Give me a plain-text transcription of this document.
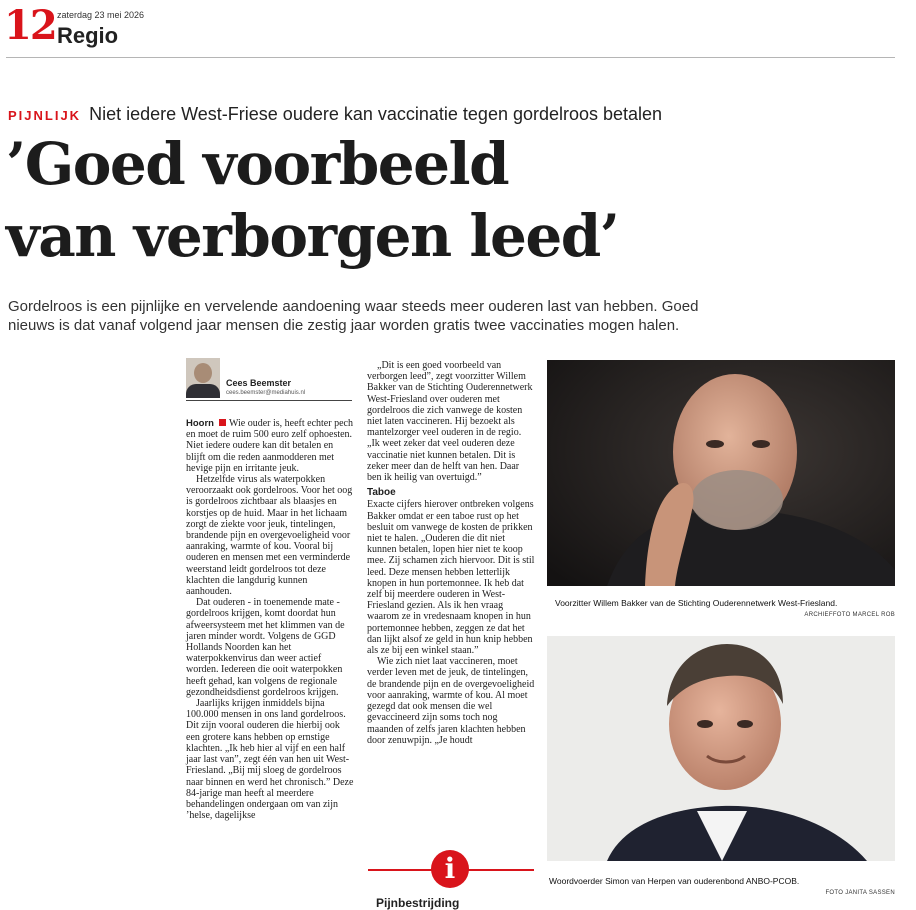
12 zaterdag 23 mei 2026
Regio
PIJNLIJK Niet iedere West-Friese oudere kan vaccinatie tegen gordelroos betalen
’Goed voorbeeld
van verborgen leed’
Gordelroos is een pijnlijke en vervelende aandoening waar steeds meer ouderen last van hebben. Goed nieuws is dat vanaf volgend jaar mensen die zestig jaar worden gratis twee vaccinaties mogen halen.
Cees Beemster
cees.beemster@mediahuis.nl

Hoorn Wie ouder is, heeft echter pech en moet de ruim 500 euro zelf ophoesten. Niet iedere oudere kan dit betalen en blijft om die reden aanmodderen met hevige pijn en irritante jeuk.

Hetzelfde virus als waterpokken veroorzaakt ook gordelroos. Voor het oog is gordelroos zichtbaar als blaasjes en korstjes op de huid. Maar in het lichaam zorgt de ziekte voor jeuk, tintelingen, brandende pijn en overgevoeligheid voor aanraking, warmte of kou. Vooral bij ouderen en mensen met een verminderde weerstand leidt gordelroos tot deze klachten die langdurig kunnen aanhouden.

Dat ouderen - in toenemende mate - gordelroos krijgen, komt doordat hun afweersysteem met het klimmen van de jaren minder wordt. Volgens de GGD Hollands Noorden kan het waterpokkenvirus dan weer actief worden. Iedereen die ooit waterpokken heeft gehad, kan volgens de regionale gezondheidsdienst gordelroos krijgen.

Jaarlijks krijgen inmiddels bijna 100.000 mensen in ons land gordelroos. Dit zijn vooral ouderen die hierbij ook een grotere kans hebben op ernstige klachten. „Ik heb hier al vijf en een half jaar last van”, zegt één van hen uit West-Friesland. „Bij mij sloeg de gordelroos naar binnen en werd het chronisch.” Deze 84-jarige man heeft al meerdere behandelingen ondergaan om van zijn ’helse, dagelijkse

„Dit is een goed voorbeeld van verborgen leed”, zegt voorzitter Willem Bakker van de Stichting Ouderennetwerk West-Friesland over ouderen met gordelroos die zich vanwege de kosten niet laten vaccineren. Hij bezoekt als mantelzorger veel ouderen in de regio. „Ik weet zeker dat veel ouderen deze vaccinatie niet kunnen betalen. Dit is zeker meer dan de helft van hen. Daar ben ik heilig van overtuigd.”

Taboe

Exacte cijfers hierover ontbreken volgens Bakker omdat er een taboe rust op het besluit om vanwege de kosten de prikken niet te halen. „Ouderen die dit niet kunnen betalen, lopen hier niet te koop mee. Zij schamen zich hiervoor. Dit is stil leed. Deze mensen hebben letterlijk knopen in hun portemonnee. Ik heb dat zelf bij meerdere ouderen in West-Friesland gezien. Als ik hen vraag waarom ze in vredesnaam knopen in hun portemonnee hebben, zeggen ze dat het dan lijkt alsof ze geld in hun knip hebben als ze bij een winkel staan.”

Wie zich niet laat vaccineren, moet verder leven met de jeuk, de tintelingen, de brandende pijn en de overgevoeligheid voor aanraking, warmte of kou. Al moet gezegd dat ook mensen die wel gevaccineerd zijn soms toch nog maanden of zelfs jaren klachten hebben door zenuwpijn. „Je houdt

i
Pijnbestrijding
Voorzitter Willem Bakker van de Stichting Ouderennetwerk West-Friesland.
ARCHIEFFOTO MARCEL ROB
Woordvoerder Simon van Herpen van ouderenbond ANBO-PCOB.
FOTO JANITA SASSEN
